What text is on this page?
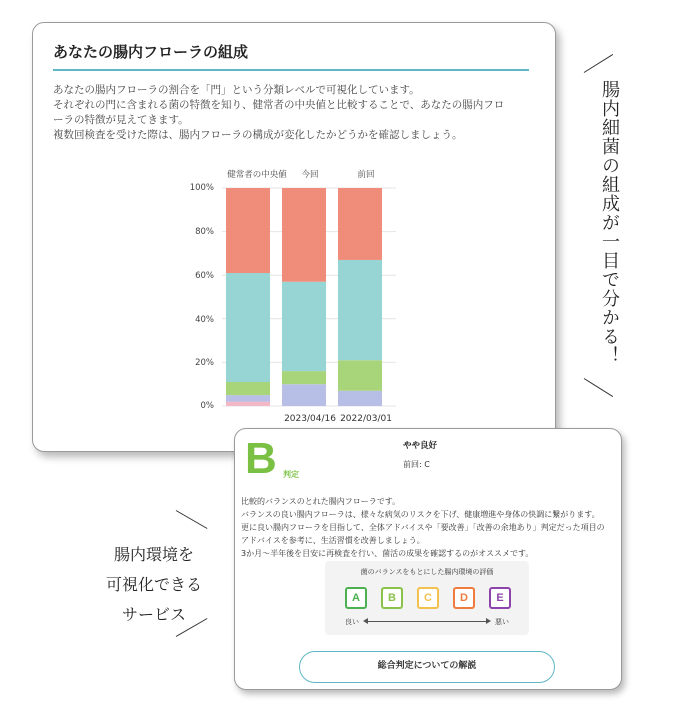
あなたの腸内フローラの組成

あなたの腸内フローラの割合を「門」という分類レベルで可視化しています。

それぞれの門に含まれる菌の特徴を知り、健常者の中央値と比較することで、あなたの腸内フロ

ーラの特徴が見えてきます。

複数回検査を受けた際は、腸内フローラの構成が変化したかどうかを確認しましょう。

健常者の中央値	今回	前回
100%
80%
60%
40%
20%
0%
2023/04/16 2022/03/01
腸内細菌の組成が一目で分かる！
腸内環境を
可視化できる
サービス
B 判定
やや良好
前回: C

比較的バランスのとれた腸内フローラです。

バランスの良い腸内フローラは、様々な病気のリスクを下げ、健康増進や身体の快調に繋がります。

更に良い腸内フローラを目指して、全体アドバイスや「要改善」「改善の余地あり」判定だった項目の

アドバイスを参考に、生活習慣を改善しましょう。

3か月〜半年後を目安に再検査を行い、菌活の成果を確認するのがオススメです。

菌のバランスをもとにした腸内環境の評価
A	B	C	D	E
良い	悪い
総合判定についての解説
